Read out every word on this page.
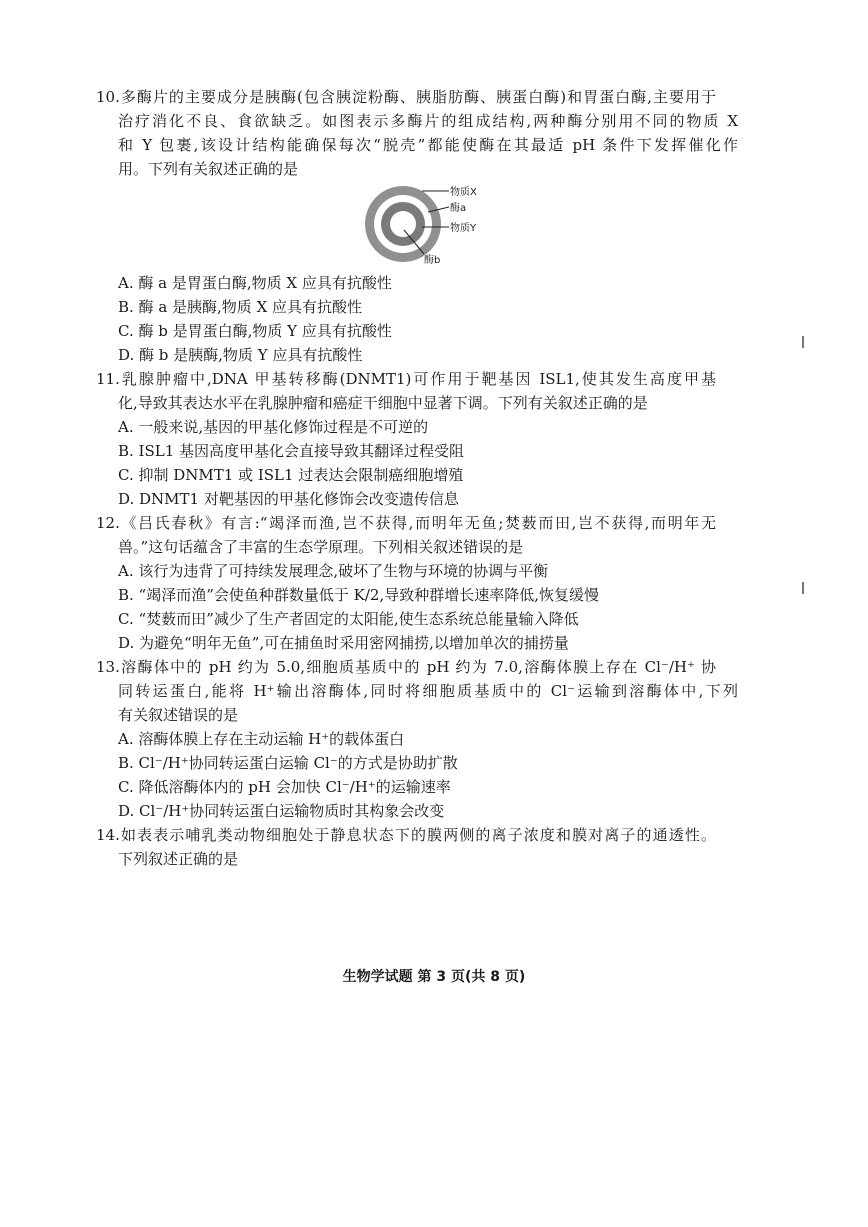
10.多酶片的主要成分是胰酶(包含胰淀粉酶、胰脂肪酶、胰蛋白酶)和胃蛋白酶,主要用于
治疗消化不良、食欲缺乏。如图表示多酶片的组成结构,两种酶分别用不同的物质 X
和 Y 包裹,该设计结构能确保每次“脱壳”都能使酶在其最适 pH 条件下发挥催化作
用。下列有关叙述正确的是
物质X
酶a
物质Y
酶b
A. 酶 a 是胃蛋白酶,物质 X 应具有抗酸性
B. 酶 a 是胰酶,物质 X 应具有抗酸性
C. 酶 b 是胃蛋白酶,物质 Y 应具有抗酸性
D. 酶 b 是胰酶,物质 Y 应具有抗酸性
11.乳腺肿瘤中,DNA 甲基转移酶(DNMT1)可作用于靶基因 ISL1,使其发生高度甲基
化,导致其表达水平在乳腺肿瘤和癌症干细胞中显著下调。下列有关叙述正确的是
A. 一般来说,基因的甲基化修饰过程是不可逆的
B. ISL1 基因高度甲基化会直接导致其翻译过程受阻
C. 抑制 DNMT1 或 ISL1 过表达会限制癌细胞增殖
D. DNMT1 对靶基因的甲基化修饰会改变遗传信息
12.《吕氏春秋》有言:“竭泽而渔,岂不获得,而明年无鱼;焚薮而田,岂不获得,而明年无
兽。”这句话蕴含了丰富的生态学原理。下列相关叙述错误的是
A. 该行为违背了可持续发展理念,破坏了生物与环境的协调与平衡
B. “竭泽而渔”会使鱼种群数量低于 K/2,导致种群增长速率降低,恢复缓慢
C. “焚薮而田”减少了生产者固定的太阳能,使生态系统总能量输入降低
D. 为避免“明年无鱼”,可在捕鱼时采用密网捕捞,以增加单次的捕捞量
13.溶酶体中的 pH 约为 5.0,细胞质基质中的 pH 约为 7.0,溶酶体膜上存在 Cl⁻/H⁺ 协
同转运蛋白,能将 H⁺输出溶酶体,同时将细胞质基质中的 Cl⁻运输到溶酶体中,下列
有关叙述错误的是
A. 溶酶体膜上存在主动运输 H⁺的载体蛋白
B. Cl⁻/H⁺协同转运蛋白运输 Cl⁻的方式是协助扩散
C. 降低溶酶体内的 pH 会加快 Cl⁻/H⁺的运输速率
D. Cl⁻/H⁺协同转运蛋白运输物质时其构象会改变
14.如表表示哺乳类动物细胞处于静息状态下的膜两侧的离子浓度和膜对离子的通透性。
下列叙述正确的是
生物学试题 第 3 页(共 8 页)
